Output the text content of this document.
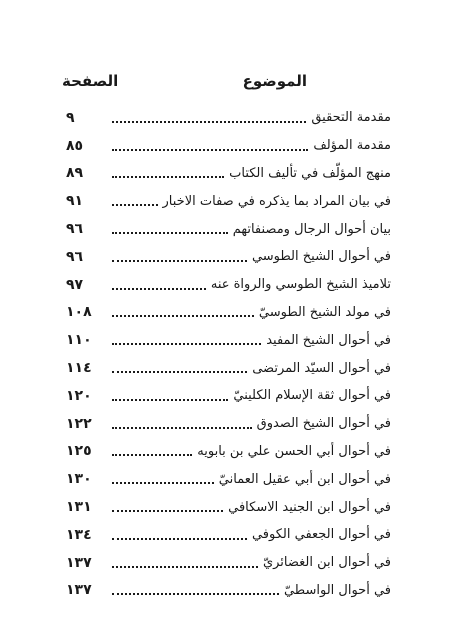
الموضوع
الصفحة
مقدمة التحقيق
٩
مقدمة المؤلف
٨٥
منهج المؤلّف في تأليف الكتاب
٨٩
في بيان المراد بما يذكره في صفات الاخبار
٩١
بيان أحوال الرجال ومصنفاتهم
٩٦
في أحوال الشيخ الطوسي
٩٦
تلاميذ الشيخ الطوسي والرواة عنه
٩٧
في مولد الشيخ الطوسيّ
١٠٨
في أحوال الشيخ المفيد
١١٠
في أحوال السيّد المرتضى
١١٤
في أحوال ثقة الإسلام الكلينيّ
١٢٠
في أحوال الشيخ الصدوق
١٢٢
في أحوال أبي الحسن علي بن بابويه
١٢٥
في أحوال ابن أبي عقيل العمانيّ
١٣٠
في أحوال ابن الجنيد الاسكافي
١٣١
في أحوال الجعفي الكوفي
١٣٤
في أحوال ابن الغضائريّ
١٣٧
في أحوال الواسطيّ
١٣٧
